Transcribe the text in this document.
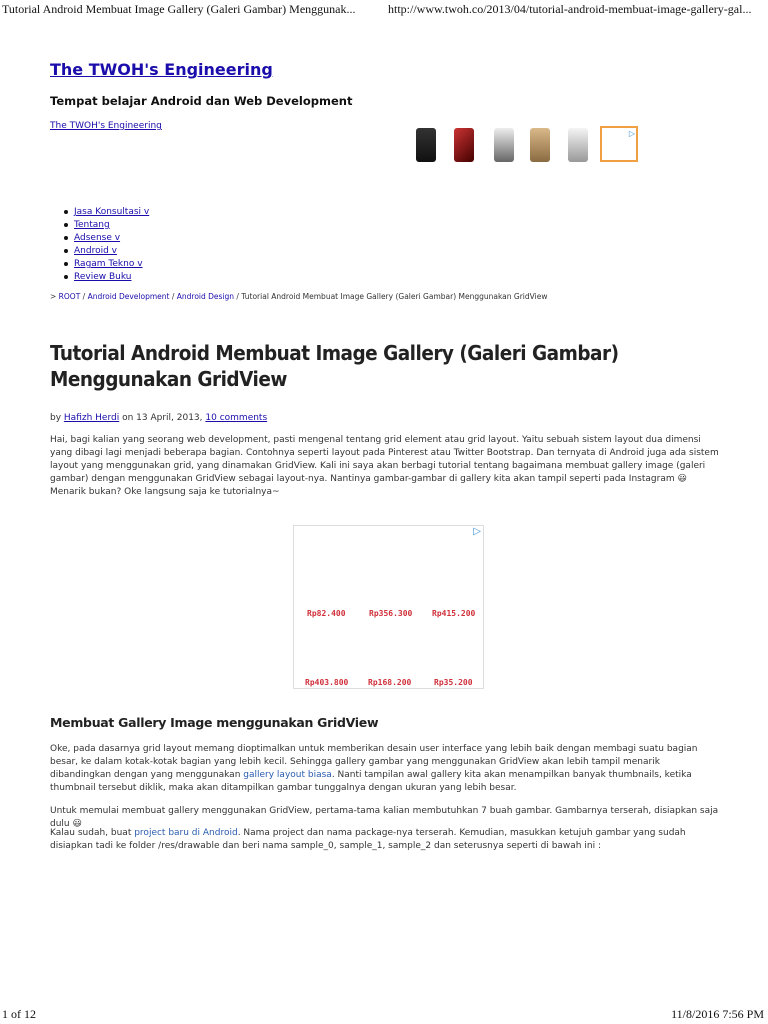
Tutorial Android Membuat Image Gallery (Galeri Gambar) Menggunak...	http://www.twoh.co/2013/04/tutorial-android-membuat-image-gallery-gal...
The TWOH's Engineering
Tempat belajar Android dan Web Development
The TWOH's Engineering
▷
Jasa Konsultasi v
Tentang
Adsense v
Android v
Ragam Tekno v
Review Buku
> ROOT / Android Development / Android Design / Tutorial Android Membuat Image Gallery (Galeri Gambar) Menggunakan GridView
Tutorial Android Membuat Image Gallery (Galeri Gambar) Menggunakan GridView
by Hafizh Herdi on 13 April, 2013, 10 comments
Hai, bagi kalian yang seorang web development, pasti mengenal tentang grid element atau grid layout. Yaitu sebuah sistem layout dua dimensi yang dibagi lagi menjadi beberapa bagian. Contohnya seperti layout pada Pinterest atau Twitter Bootstrap. Dan ternyata di Android juga ada sistem layout yang menggunakan grid, yang dinamakan GridView. Kali ini saya akan berbagi tutorial tentang bagaimana membuat gallery image (galeri gambar) dengan menggunakan GridView sebagai layout-nya. Nantinya gambar-gambar di gallery kita akan tampil seperti pada Instagram 😃 Menarik bukan? Oke langsung saja ke tutorialnya~
▷
Rp82.400	Rp356.300 Rp415.200
Rp403.800 Rp168.200	Rp35.200
Membuat Gallery Image menggunakan GridView
Oke, pada dasarnya grid layout memang dioptimalkan untuk memberikan desain user interface yang lebih baik dengan membagi suatu bagian besar, ke dalam kotak-kotak bagian yang lebih kecil. Sehingga gallery gambar yang menggunakan GridView akan lebih tampil menarik dibandingkan dengan yang menggunakan gallery layout biasa. Nanti tampilan awal gallery kita akan menampilkan banyak thumbnails, ketika thumbnail tersebut diklik, maka akan ditampilkan gambar tunggalnya dengan ukuran yang lebih besar.
Untuk memulai membuat gallery menggunakan GridView, pertama-tama kalian membutuhkan 7 buah gambar. Gambarnya terserah, disiapkan saja dulu 😃
Kalau sudah, buat project baru di Android. Nama project dan nama package-nya terserah. Kemudian, masukkan ketujuh gambar yang sudah disiapkan tadi ke folder /res/drawable dan beri nama sample_0, sample_1, sample_2 dan seterusnya seperti di bawah ini :
1 of 12	11/8/2016 7:56 PM
